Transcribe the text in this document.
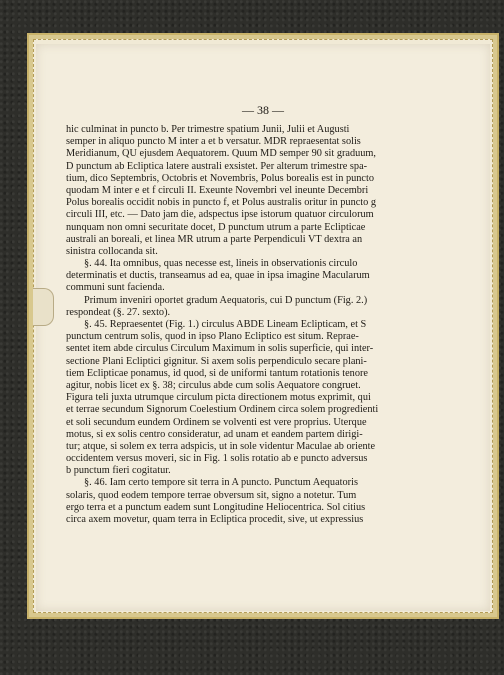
— 38 —
hic culminat in puncto b. Per trimestre spatium Junii, Julii et Augusti
semper in aliquo puncto M inter a et b versatur. MDR repraesentat solis
Meridianum, QU ejusdem Aequatorem. Quum MD semper 90 sit graduum,
D punctum ab Ecliptica latere australi exsistet. Per alterum trimestre spa-
tium, dico Septembris, Octobris et Novembris, Polus borealis est in puncto
quodam M inter e et f circuli II. Exeunte Novembri vel ineunte Decembri
Polus borealis occidit nobis in puncto f, et Polus australis oritur in puncto g
circuli III, etc. — Dato jam die, adspectus ipse istorum quatuor circulorum
nunquam non omni securitate docet, D punctum utrum a parte Eclipticae
australi an boreali, et linea MR utrum a parte Perpendiculi VT dextra an
sinistra collocanda sit.
§. 44. Ita omnibus, quas necesse est, lineis in observationis circulo
determinatis et ductis, transeamus ad ea, quae in ipsa imagine Macularum
communi sunt facienda.
Primum inveniri oportet gradum Aequatoris, cui D punctum (Fig. 2.)
respondeat (§. 27. sexto).
§. 45. Repraesentet (Fig. 1.) circulus ABDE Lineam Eclipticam, et S
punctum centrum solis, quod in ipso Plano Ecliptico est situm. Reprae-
sentet item abde circulus Circulum Maximum in solis superficie, qui inter-
sectione Plani Ecliptici gignitur. Si axem solis perpendiculo secare plani-
tiem Eclipticae ponamus, id quod, si de uniformi tantum rotationis tenore
agitur, nobis licet ex §. 38; circulus abde cum solis Aequatore congruet.
Figura teli juxta utrumque circulum picta directionem motus exprimit, qui
et terrae secundum Signorum Coelestium Ordinem circa solem progredienti
et soli secundum eundem Ordinem se volventi est vere proprius. Uterque
motus, si ex solis centro consideratur, ad unam et eandem partem dirigi-
tur; atque, si solem ex terra adspicis, ut in sole videntur Maculae ab oriente
occidentem versus moveri, sic in Fig. 1 solis rotatio ab e puncto adversus
b punctum fieri cogitatur.
§. 46. Iam certo tempore sit terra in A puncto. Punctum Aequatoris
solaris, quod eodem tempore terrae obversum sit, signo a notetur. Tum
ergo terra et a punctum eadem sunt Longitudine Heliocentrica. Sol citius
circa axem movetur, quam terra in Ecliptica procedit, sive, ut expressius
